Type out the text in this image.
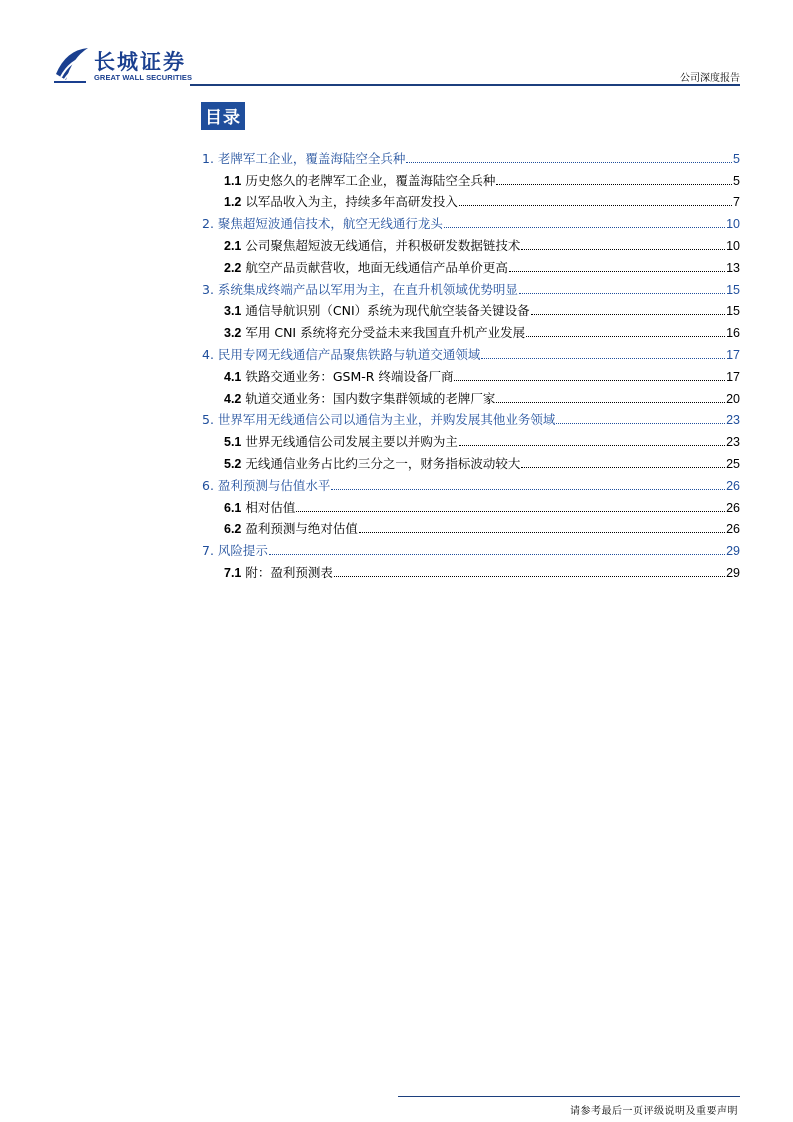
长城证券
GREAT WALL SECURITIES	公司深度报告
目录
1. 老牌军工企业，覆盖海陆空全兵种	5
1.1 历史悠久的老牌军工企业，覆盖海陆空全兵种	5
1.2 以军品收入为主，持续多年高研发投入	7
2. 聚焦超短波通信技术，航空无线通行龙头	10
2.1 公司聚焦超短波无线通信，并积极研发数据链技术	10
2.2 航空产品贡献营收，地面无线通信产品单价更高	13
3. 系统集成终端产品以军用为主，在直升机领域优势明显	15
3.1 通信导航识别（CNI）系统为现代航空装备关键设备	15
3.2 军用 CNI 系统将充分受益未来我国直升机产业发展	16
4. 民用专网无线通信产品聚焦铁路与轨道交通领域	17
4.1 铁路交通业务：GSM-R 终端设备厂商	17
4.2 轨道交通业务：国内数字集群领域的老牌厂家	20
5. 世界军用无线通信公司以通信为主业，并购发展其他业务领域	23
5.1 世界无线通信公司发展主要以并购为主	23
5.2 无线通信业务占比约三分之一，财务指标波动较大	25
6. 盈利预测与估值水平	26
6.1 相对估值	26
6.2 盈利预测与绝对估值	26
7. 风险提示	29
7.1 附：盈利预测表	29
请参考最后一页评级说明及重要声明
